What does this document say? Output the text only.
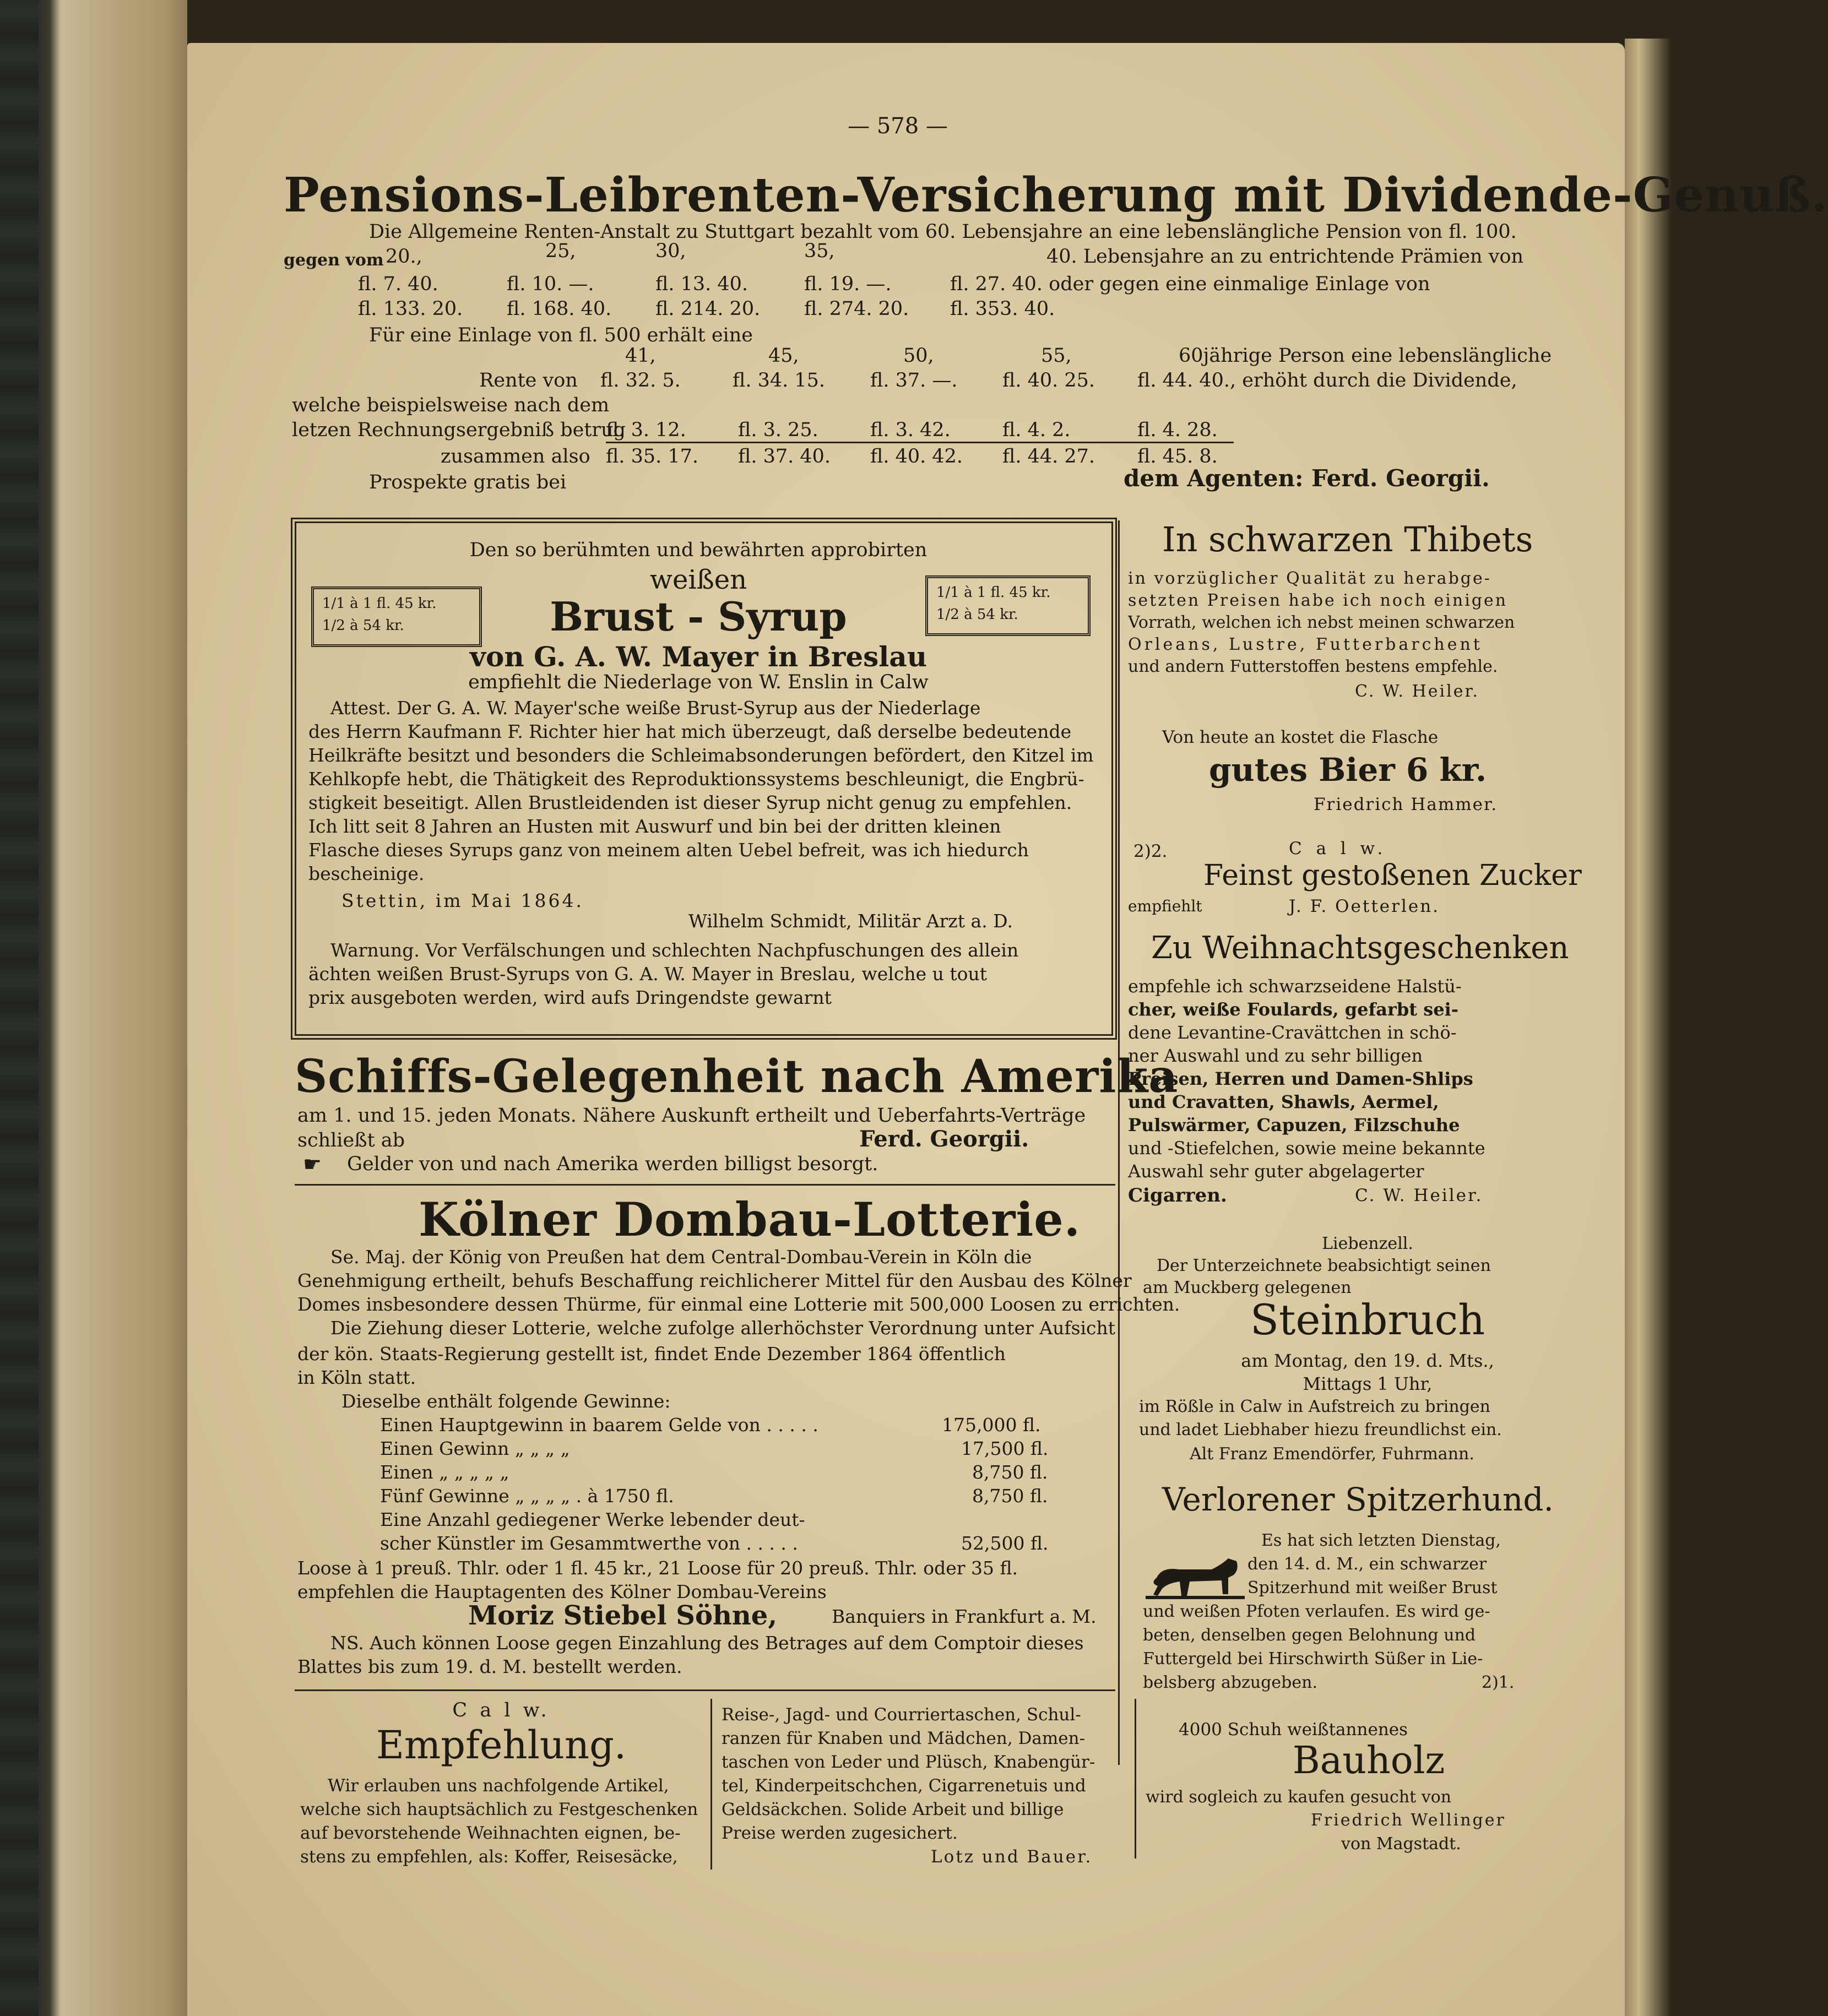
— 578 —
Pensions-Leibrenten-Versicherung mit Dividende-Genuß.
Die Allgemeine Renten-Anstalt zu Stuttgart bezahlt vom 60. Lebensjahre an eine lebenslängliche Pension von fl. 100.
gegen vom 20.,	25,	30,	35,	40. Lebensjahre an zu entrichtende Prämien von
fl. 7. 40.	fl. 10. —.	fl. 13. 40.	fl. 19. —.	fl. 27. 40. oder gegen eine einmalige Einlage von
fl. 133. 20. fl. 168. 40. fl. 214. 20. fl. 274. 20. fl. 353. 40.
Für eine Einlage von fl. 500 erhält eine
41,	45,	50,	55,	60jährige Person eine lebenslängliche
Rente von fl. 32. 5.	fl. 34. 15. fl. 37. —. fl. 40. 25. fl. 44. 40., erhöht durch die Dividende,
welche beispielsweise nach dem
letzen Rechnungsergebniß betrug
fl. 3. 12.	fl. 3. 25.	fl. 3. 42.	fl. 4. 2.	fl. 4. 28.
zusammen also fl. 35. 17. fl. 37. 40. fl. 40. 42. fl. 44. 27. fl. 45. 8.
Prospekte gratis bei	dem Agenten: Ferd. Georgii.
Den so berühmten und bewährten approbirten
weißen
Brust - Syrup
1/1 à 1 fl. 45 kr.
1/2 à 54 kr.
1/1 à 1 fl. 45 kr.
1/2 à 54 kr.
von G. A. W. Mayer in Breslau
empfiehlt die Niederlage von W. Enslin in Calw
Attest. Der G. A. W. Mayer'sche weiße Brust-Syrup aus der Niederlage
des Herrn Kaufmann F. Richter hier hat mich überzeugt, daß derselbe bedeutende
Heilkräfte besitzt und besonders die Schleimabsonderungen befördert, den Kitzel im
Kehlkopfe hebt, die Thätigkeit des Reproduktionssystems beschleunigt, die Engbrü-
stigkeit beseitigt. Allen Brustleidenden ist dieser Syrup nicht genug zu empfehlen.
Ich litt seit 8 Jahren an Husten mit Auswurf und bin bei der dritten kleinen
Flasche dieses Syrups ganz von meinem alten Uebel befreit, was ich hiedurch
bescheinige.
Stettin, im Mai 1864.
Wilhelm Schmidt, Militär Arzt a. D.
Warnung. Vor Verfälschungen und schlechten Nachpfuschungen des allein
ächten weißen Brust-Syrups von G. A. W. Mayer in Breslau, welche u tout
prix ausgeboten werden, wird aufs Dringendste gewarnt
Schiffs-Gelegenheit nach Amerika
am 1. und 15. jeden Monats. Nähere Auskunft ertheilt und Ueberfahrts-Verträge
schließt ab	Ferd. Georgii.
☛ Gelder von und nach Amerika werden billigst besorgt.
Kölner Dombau-Lotterie.
Se. Maj. der König von Preußen hat dem Central-Dombau-Verein in Köln die
Genehmigung ertheilt, behufs Beschaffung reichlicherer Mittel für den Ausbau des Kölner
Domes insbesondere dessen Thürme, für einmal eine Lotterie mit 500,000 Loosen zu errichten.
Die Ziehung dieser Lotterie, welche zufolge allerhöchster Verordnung unter Aufsicht
der kön. Staats-Regierung gestellt ist, findet Ende Dezember 1864 öffentlich
in Köln statt.
Dieselbe enthält folgende Gewinne:
Einen Hauptgewinn in baarem Gelde von . . . . .	175,000 fl.
Einen Gewinn „ „ „ „	17,500 fl.
Einen „ „ „ „ „	8,750 fl.
Fünf Gewinne „ „ „ „ . à 1750 fl.	8,750 fl.
Eine Anzahl gediegener Werke lebender deut-
scher Künstler im Gesammtwerthe von . . . . .	52,500 fl.
Loose à 1 preuß. Thlr. oder 1 fl. 45 kr., 21 Loose für 20 preuß. Thlr. oder 35 fl.
empfehlen die Hauptagenten des Kölner Dombau-Vereins
Moriz Stiebel Söhne,	Banquiers in Frankfurt a. M.
NS. Auch können Loose gegen Einzahlung des Betrages auf dem Comptoir dieses
Blattes bis zum 19. d. M. bestellt werden.
C a l w.
Empfehlung.
Wir erlauben uns nachfolgende Artikel,
welche sich hauptsächlich zu Festgeschenken
auf bevorstehende Weihnachten eignen, be-
stens zu empfehlen, als: Koffer, Reisesäcke,
Reise-, Jagd- und Courriertaschen, Schul-
ranzen für Knaben und Mädchen, Damen-
taschen von Leder und Plüsch, Knabengür-
tel, Kinderpeitschchen, Cigarrenetuis und
Geldsäckchen. Solide Arbeit und billige
Preise werden zugesichert.
Lotz und Bauer.
In schwarzen Thibets
in vorzüglicher Qualität zu herabge-
setzten Preisen habe ich noch einigen
Vorrath, welchen ich nebst meinen schwarzen
Orleans, Lustre, Futterbarchent
und andern Futterstoffen bestens empfehle.
C. W. Heiler.
Von heute an kostet die Flasche
gutes Bier 6 kr.
Friedrich Hammer.
2)2.	C a l w.
Feinst gestoßenen Zucker
empfiehlt	J. F. Oetterlen.
Zu Weihnachtsgeschenken
empfehle ich schwarzseidene Halstü-
cher, weiße Foulards, gefarbt sei-
dene Levantine-Cravättchen in schö-
ner Auswahl und zu sehr billigen
Preisen, Herren und Damen-Shlips
und Cravatten, Shawls, Aermel,
Pulswärmer, Capuzen, Filzschuhe
und -Stiefelchen, sowie meine bekannte
Auswahl sehr guter abgelagerter
Cigarren.	C. W. Heiler.
Liebenzell.
Der Unterzeichnete beabsichtigt seinen
am Muckberg gelegenen
Steinbruch
am Montag, den 19. d. Mts.,
Mittags 1 Uhr,
im Rößle in Calw in Aufstreich zu bringen
und ladet Liebhaber hiezu freundlichst ein.
Alt Franz Emendörfer, Fuhrmann.
Verlorener Spitzerhund.
Es hat sich letzten Dienstag,
den 14. d. M., ein schwarzer
Spitzerhund mit weißer Brust
und weißen Pfoten verlaufen. Es wird ge-
beten, denselben gegen Belohnung und
Futtergeld bei Hirschwirth Süßer in Lie-
belsberg abzugeben.	2)1.
4000 Schuh weißtannenes
Bauholz
wird sogleich zu kaufen gesucht von
Friedrich Wellinger
von Magstadt.
